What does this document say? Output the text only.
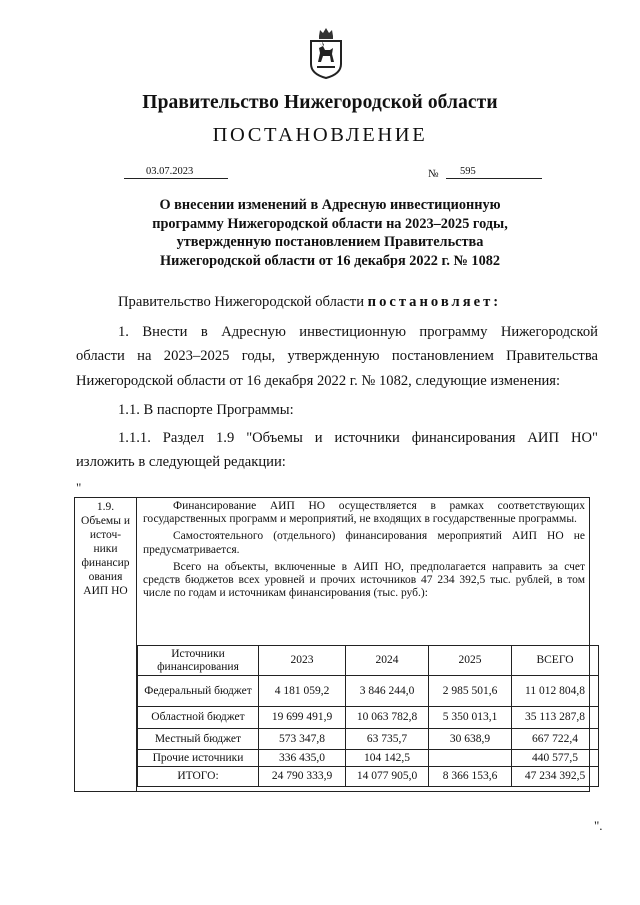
Правительство Нижегородской области
ПОСТАНОВЛЕНИЕ
03.07.2023	№	595
О внесении изменений в Адресную инвестиционную
программу Нижегородской области на 2023–2025 годы,
утвержденную постановлением Правительства
Нижегородской области от 16 декабря 2022 г. № 1082
Правительство Нижегородской области постановляет:
1. Внести в Адресную инвестиционную программу Нижегородской
области на 2023–2025 годы, утвержденную постановлением Правительства
Нижегородской области от 16 декабря 2022 г. № 1082, следующие изменения:
1.1. В паспорте Программы:
1.1.1. Раздел 1.9 "Объемы и источники финансирования АИП НО"
изложить в следующей редакции:
"
1.9.
Объемы и
источ-
ники
финансир
ования
АИП НО

Финансирование АИП НО осуществляется в рамках соответствующих государственных программ и мероприятий, не входящих в государственные программы.

Самостоятельного (отдельного) финансирования мероприятий АИП НО не предусматривается.

Всего на объекты, включенные в АИП НО, предполагается направить за счет средств бюджетов всех уровней и прочих источников 47 234 392,5 тыс. рублей, в том числе по годам и источникам финансирования (тыс. руб.):

Источники финансирования	2023	2024	2025	ВСЕГО
Федеральный бюджет	4 181 059,2	3 846 244,0	2 985 501,6	11 012 804,8
Областной бюджет	19 699 491,9	10 063 782,8	5 350 013,1	35 113 287,8
Местный бюджет	573 347,8	63 735,7	30 638,9	667 722,4
Прочие источники	336 435,0	104 142,5		440 577,5
ИТОГО:	24 790 333,9	14 077 905,0	8 366 153,6	47 234 392,5
".
